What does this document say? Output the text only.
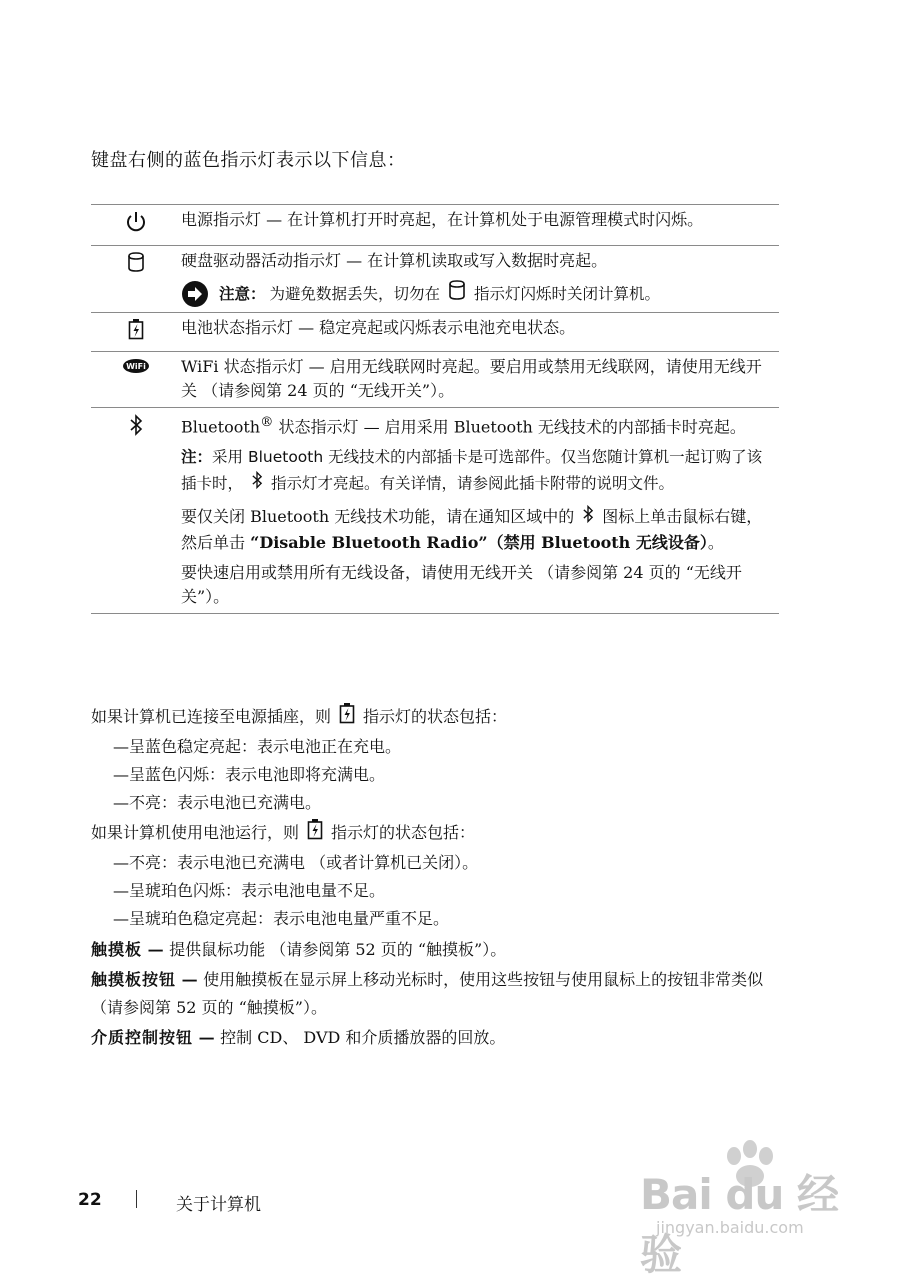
键盘右侧的蓝色指示灯表示以下信息：
	电源指示灯 — 在计算机打开时亮起，在计算机处于电源管理模式时闪烁。

硬盘驱动器活动指示灯 — 在计算机读取或写入数据时亮起。
注意： 为避免数据丢失，切勿在 指示灯闪烁时关闭计算机。

	电池状态指示灯 — 稳定亮起或闪烁表示电池充电状态。

WiFi	WiFi 状态指示灯 — 启用无线联网时亮起。要启用或禁用无线联网，请使用无线开关 （请参阅第 24 页的 “无线开关”）。

Bluetooth® 状态指示灯 — 启用采用 Bluetooth 无线技术的内部插卡时亮起。
注：采用 Bluetooth 无线技术的内部插卡是可选部件。仅当您随计算机一起订购了该插卡时， 指示灯才亮起。有关详情，请参阅此插卡附带的说明文件。
要仅关闭 Bluetooth 无线技术功能，请在通知区域中的 图标上单击鼠标右键，然后单击 “Disable Bluetooth Radio”（禁用 Bluetooth 无线设备）。
要快速启用或禁用所有无线设备，请使用无线开关 （请参阅第 24 页的 “无线开关”）。
如果计算机已连接至电源插座，则 指示灯的状态包括：
—呈蓝色稳定亮起：表示电池正在充电。
—呈蓝色闪烁：表示电池即将充满电。
—不亮：表示电池已充满电。
如果计算机使用电池运行，则 指示灯的状态包括：
—不亮：表示电池已充满电 （或者计算机已关闭）。
—呈琥珀色闪烁：表示电池电量不足。
—呈琥珀色稳定亮起：表示电池电量严重不足。
触摸板 — 提供鼠标功能 （请参阅第 52 页的 “触摸板”）。
触摸板按钮 — 使用触摸板在显示屏上移动光标时，使用这些按钮与使用鼠标上的按钮非常类似 （请参阅第 52 页的 “触摸板”）。
介质控制按钮 — 控制 CD、 DVD 和介质播放器的回放。
22	关于计算机	Bai du 经验
jingyan.baidu.com
